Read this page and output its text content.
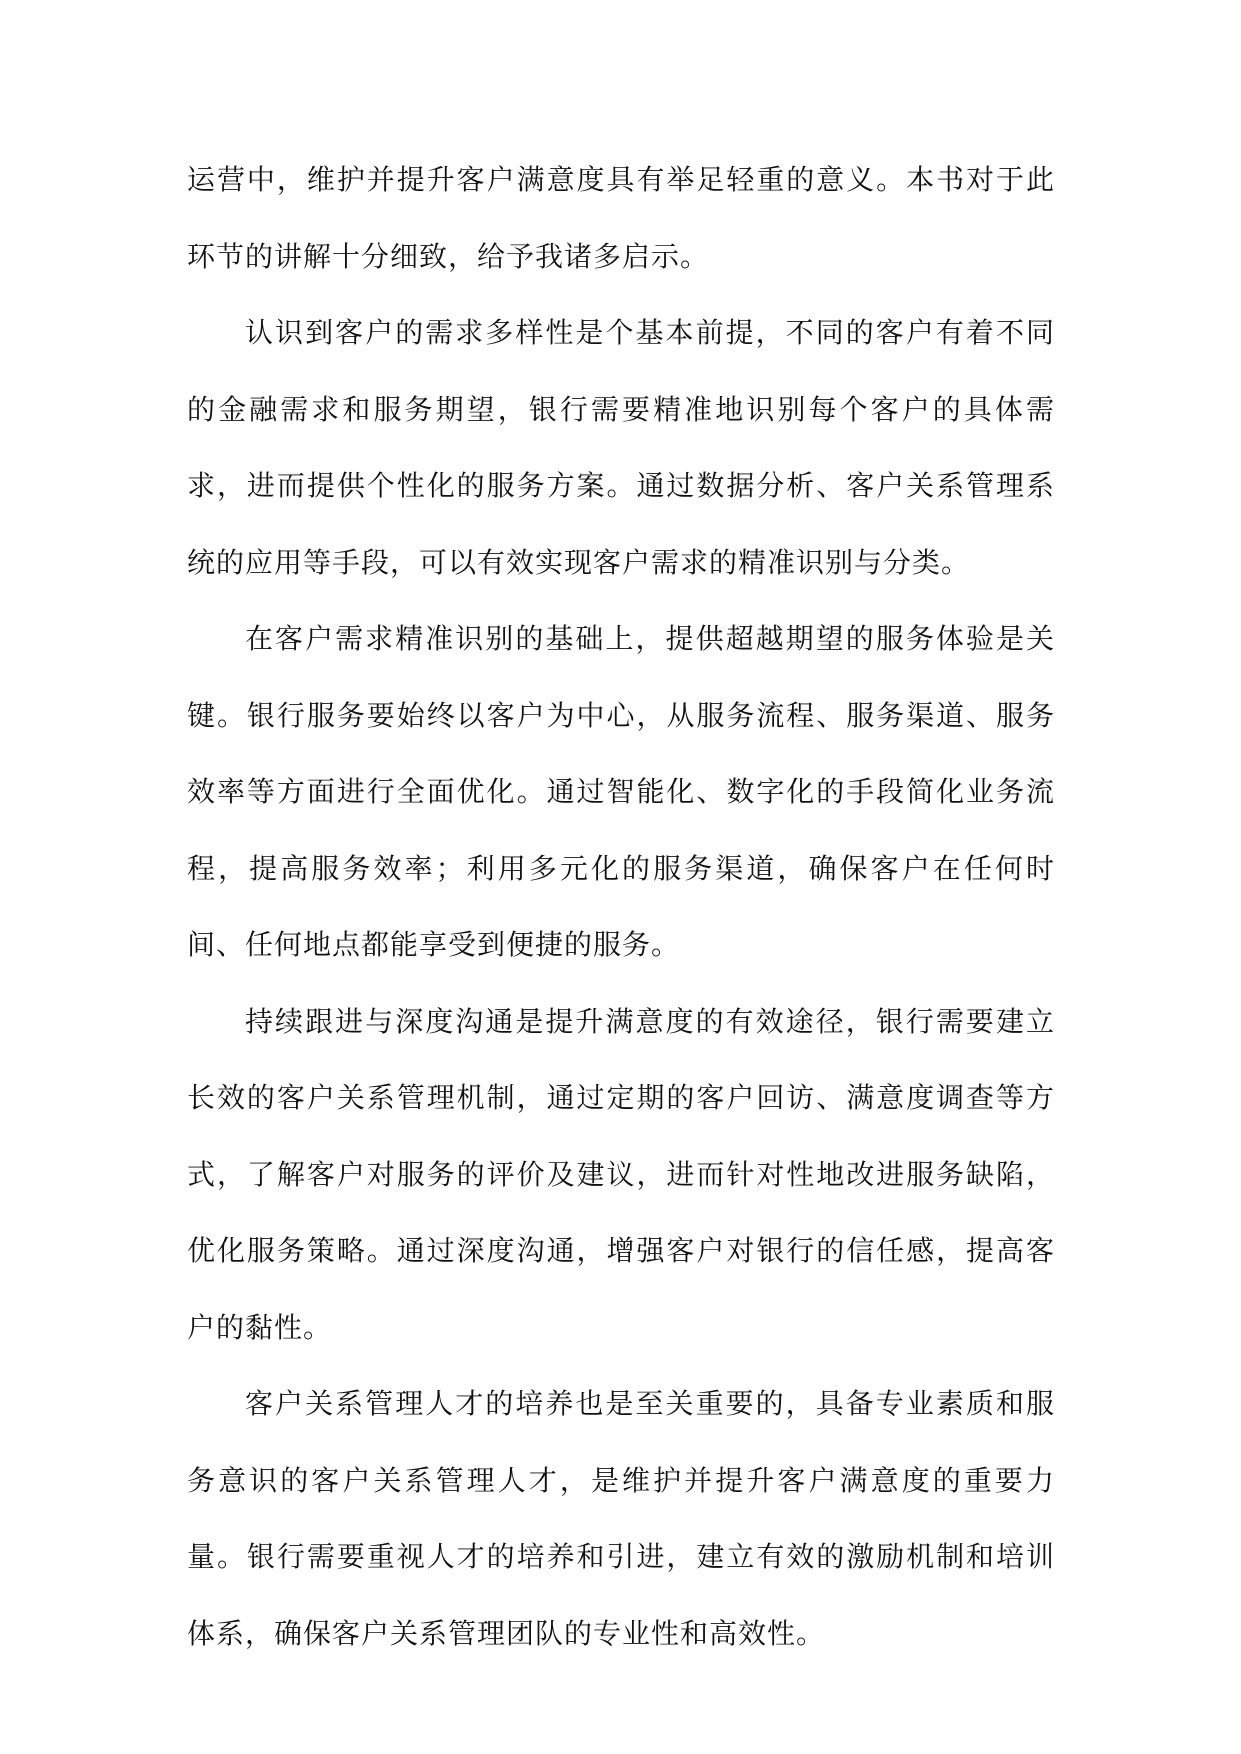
运营中，维护并提升客户满意度具有举足轻重的意义。本书对于此环节的讲解十分细致，给予我诸多启示。

认识到客户的需求多样性是个基本前提，不同的客户有着不同的金融需求和服务期望，银行需要精准地识别每个客户的具体需求，进而提供个性化的服务方案。通过数据分析、客户关系管理系统的应用等手段，可以有效实现客户需求的精准识别与分类。

在客户需求精准识别的基础上，提供超越期望的服务体验是关键。银行服务要始终以客户为中心，从服务流程、服务渠道、服务效率等方面进行全面优化。通过智能化、数字化的手段简化业务流程，提高服务效率；利用多元化的服务渠道，确保客户在任何时间、任何地点都能享受到便捷的服务。

持续跟进与深度沟通是提升满意度的有效途径，银行需要建立长效的客户关系管理机制，通过定期的客户回访、满意度调查等方式，了解客户对服务的评价及建议，进而针对性地改进服务缺陷，优化服务策略。通过深度沟通，增强客户对银行的信任感，提高客户的黏性。

客户关系管理人才的培养也是至关重要的，具备专业素质和服务意识的客户关系管理人才，是维护并提升客户满意度的重要力量。银行需要重视人才的培养和引进，建立有效的激励机制和培训体系，确保客户关系管理团队的专业性和高效性。
